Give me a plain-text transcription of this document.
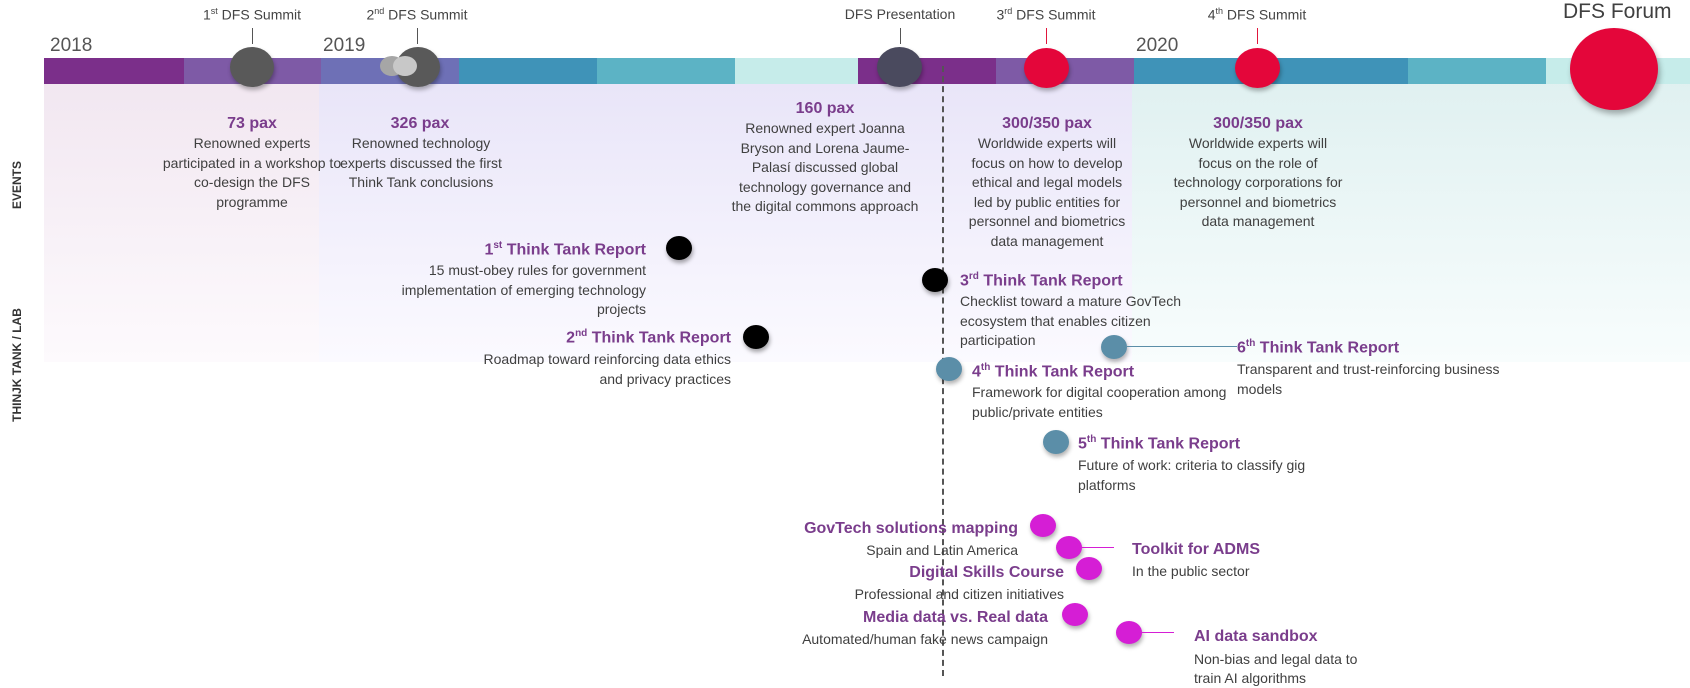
2018	2019	2020
DFS Forum
1st DFS Summit	2nd DFS Summit	DFS Presentation	3rd DFS Summit	4th DFS Summit
EVENTS
THINJK TANK / LAB
73 pax
Renowned experts participated in a workshop to co-design the DFS programme
326 pax
Renowned technology experts discussed the first Think Tank conclusions
160 pax
Renowned expert Joanna Bryson and Lorena Jaume-Palasí discussed global technology governance and the digital commons approach
300/350 pax
Worldwide experts will focus on how to develop ethical and legal models led by public entities for personnel and biometrics data management
300/350 pax
Worldwide experts will focus on the role of technology corporations for personnel and biometrics data management
1st Think Tank Report
15 must-obey rules for government implementation of emerging technology projects
2nd Think Tank Report
Roadmap toward reinforcing data ethics and privacy practices
3rd Think Tank Report
Checklist toward a mature GovTech ecosystem that enables citizen participation
4th Think Tank Report
Framework for digital cooperation among public/private entities
5th Think Tank Report
Future of work: criteria to classify gig platforms
6th Think Tank Report
Transparent and trust-reinforcing business models
GovTech solutions mapping
Spain and Latin America	Toolkit for ADMS
In the public sector
Digital Skills Course
Professional and citizen initiatives
Media data vs. Real data
Automated/human fake news campaign	AI data sandbox
Non-bias and legal data to train AI algorithms
